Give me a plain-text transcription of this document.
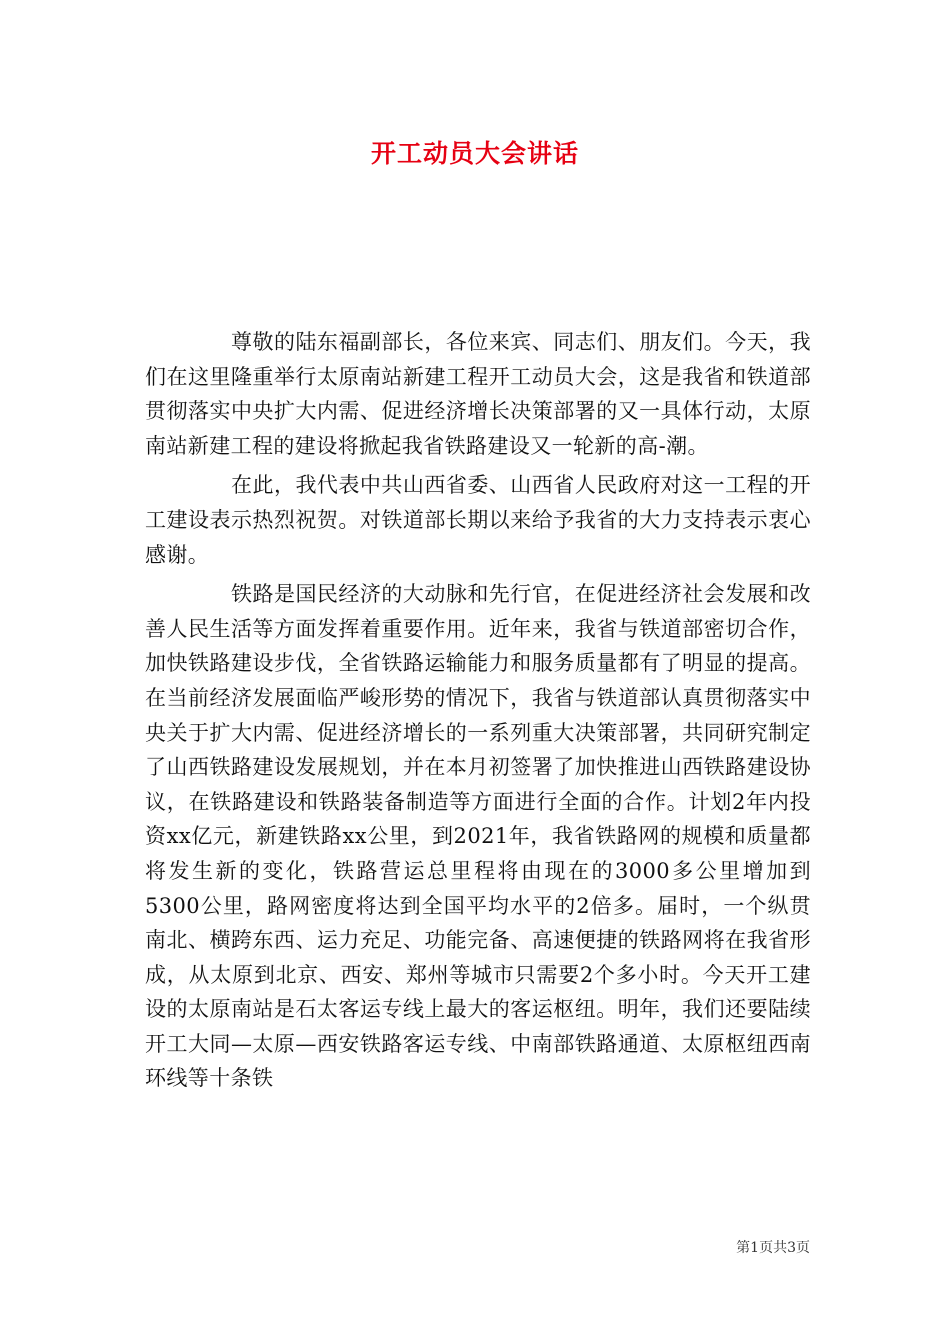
开工动员大会讲话

尊敬的陆东福副部长，各位来宾、同志们、朋友们。今天，我们在这里隆重举行太原南站新建工程开工动员大会，这是我省和铁道部贯彻落实中央扩大内需、促进经济增长决策部署的又一具体行动，太原南站新建工程的建设将掀起我省铁路建设又一轮新的高-潮。

在此，我代表中共山西省委、山西省人民政府对这一工程的开工建设表示热烈祝贺。对铁道部长期以来给予我省的大力支持表示衷心感谢。

铁路是国民经济的大动脉和先行官，在促进经济社会发展和改善人民生活等方面发挥着重要作用。近年来，我省与铁道部密切合作，加快铁路建设步伐，全省铁路运输能力和服务质量都有了明显的提高。在当前经济发展面临严峻形势的情况下，我省与铁道部认真贯彻落实中央关于扩大内需、促进经济增长的一系列重大决策部署，共同研究制定了山西铁路建设发展规划，并在本月初签署了加快推进山西铁路建设协议，在铁路建设和铁路装备制造等方面进行全面的合作。计划2年内投资xx亿元，新建铁路xx公里，到2021年，我省铁路网的规模和质量都将发生新的变化，铁路营运总里程将由现在的3000多公里增加到5300公里，路网密度将达到全国平均水平的2倍多。届时，一个纵贯南北、横跨东西、运力充足、功能完备、高速便捷的铁路网将在我省形成，从太原到北京、西安、郑州等城市只需要2个多小时。今天开工建设的太原南站是石太客运专线上最大的客运枢纽。明年，我们还要陆续开工大同—太原—西安铁路客运专线、中南部铁路通道、太原枢纽西南环线等十条铁

第1页共3页
